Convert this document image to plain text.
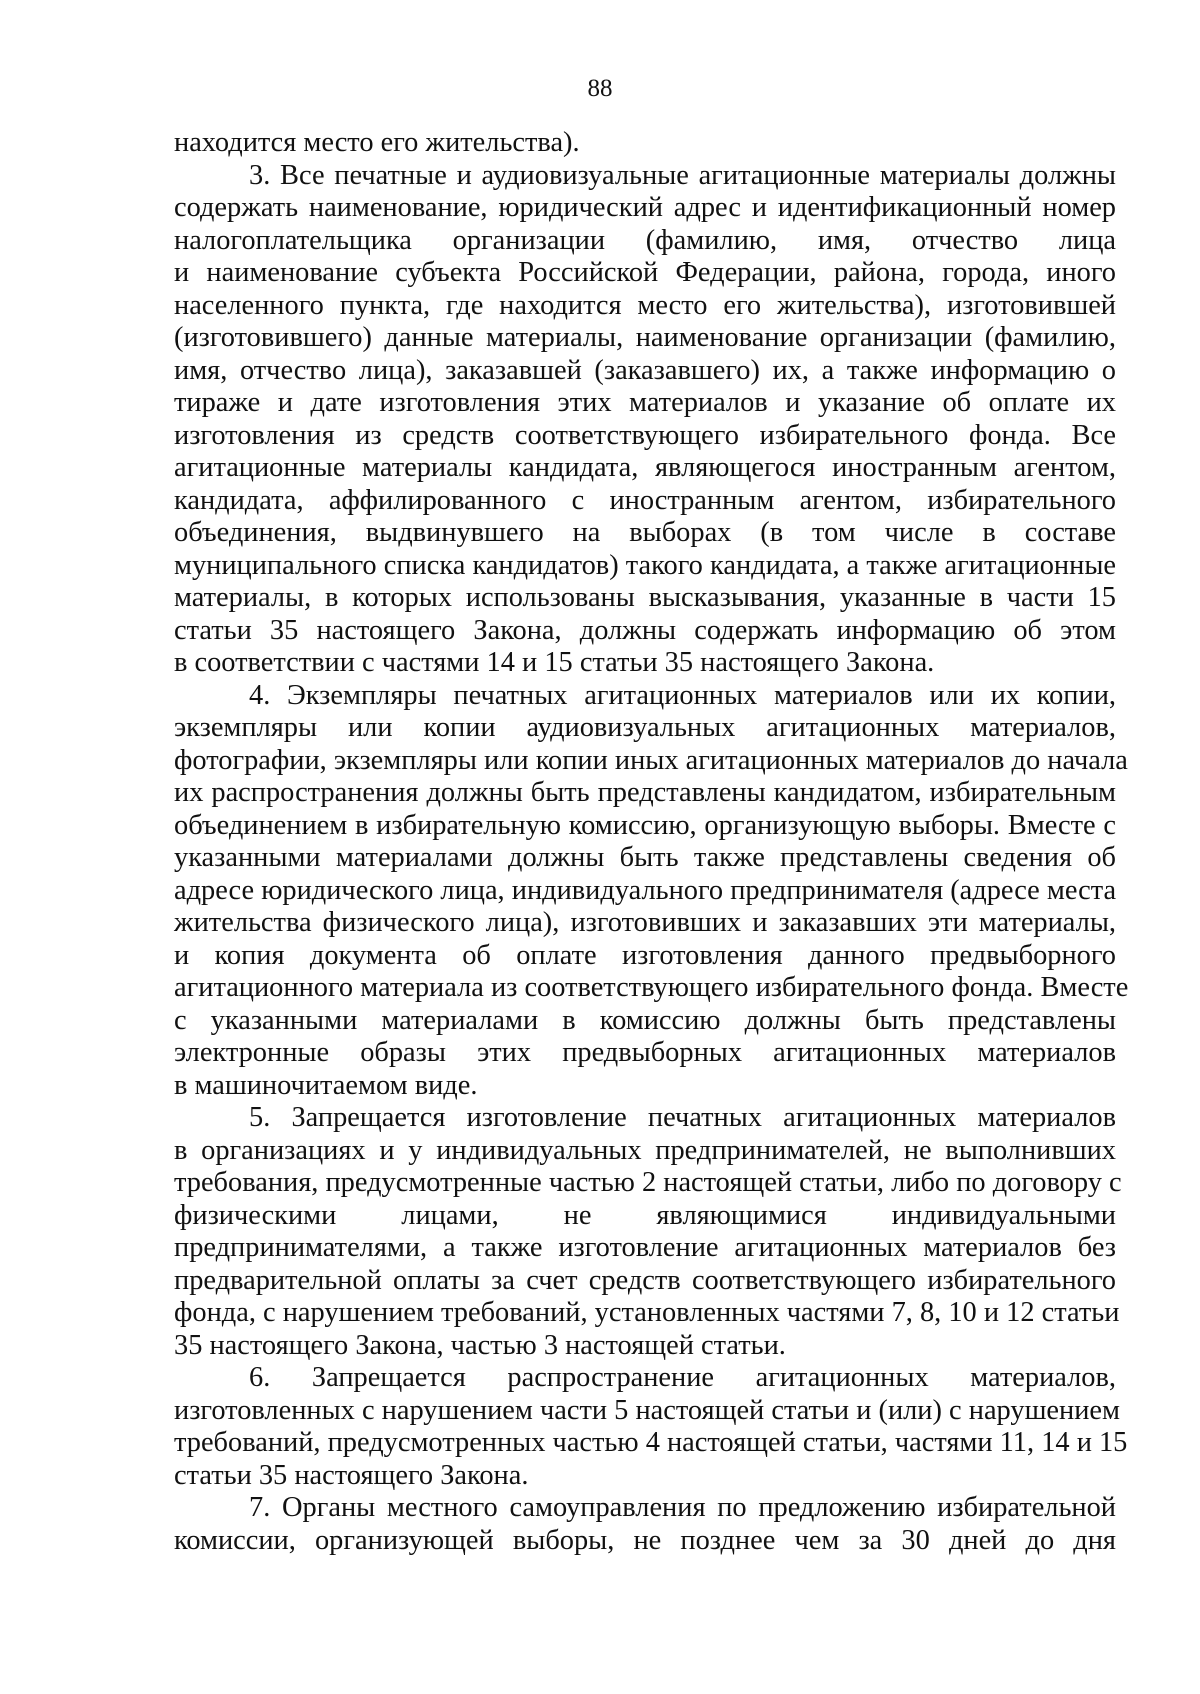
88
находится место его жительства).
3. Все печатные и аудиовизуальные агитационные материалы должны
содержать наименование, юридический адрес и идентификационный номер
налогоплательщика организации (фамилию, имя, отчество лица
и наименование субъекта Российской Федерации, района, города, иного
населенного пункта, где находится место его жительства), изготовившей
(изготовившего) данные материалы, наименование организации (фамилию,
имя, отчество лица), заказавшей (заказавшего) их, а также информацию о
тираже и дате изготовления этих материалов и указание об оплате их
изготовления из средств соответствующего избирательного фонда. Все
агитационные материалы кандидата, являющегося иностранным агентом,
кандидата, аффилированного с иностранным агентом, избирательного
объединения, выдвинувшего на выборах (в том числе в составе
муниципального списка кандидатов) такого кандидата, а также агитационные
материалы, в которых использованы высказывания, указанные в части 15
статьи 35 настоящего Закона, должны содержать информацию об этом
в соответствии с частями 14 и 15 статьи 35 настоящего Закона.
4. Экземпляры печатных агитационных материалов или их копии,
экземпляры или копии аудиовизуальных агитационных материалов,
фотографии, экземпляры или копии иных агитационных материалов до начала
их распространения должны быть представлены кандидатом, избирательным
объединением в избирательную комиссию, организующую выборы. Вместе с
указанными материалами должны быть также представлены сведения об
адресе юридического лица, индивидуального предпринимателя (адресе места
жительства физического лица), изготовивших и заказавших эти материалы,
и копия документа об оплате изготовления данного предвыборного
агитационного материала из соответствующего избирательного фонда. Вместе
с указанными материалами в комиссию должны быть представлены
электронные образы этих предвыборных агитационных материалов
в машиночитаемом виде.
5. Запрещается изготовление печатных агитационных материалов
в организациях и у индивидуальных предпринимателей, не выполнивших
требования, предусмотренные частью 2 настоящей статьи, либо по договору с
физическими лицами, не являющимися индивидуальными
предпринимателями, а также изготовление агитационных материалов без
предварительной оплаты за счет средств соответствующего избирательного
фонда, с нарушением требований, установленных частями 7, 8, 10 и 12 статьи
35 настоящего Закона, частью 3 настоящей статьи.
6. Запрещается распространение агитационных материалов,
изготовленных с нарушением части 5 настоящей статьи и (или) с нарушением
требований, предусмотренных частью 4 настоящей статьи, частями 11, 14 и 15
статьи 35 настоящего Закона.
7. Органы местного самоуправления по предложению избирательной
комиссии, организующей выборы, не позднее чем за 30 дней до дня
